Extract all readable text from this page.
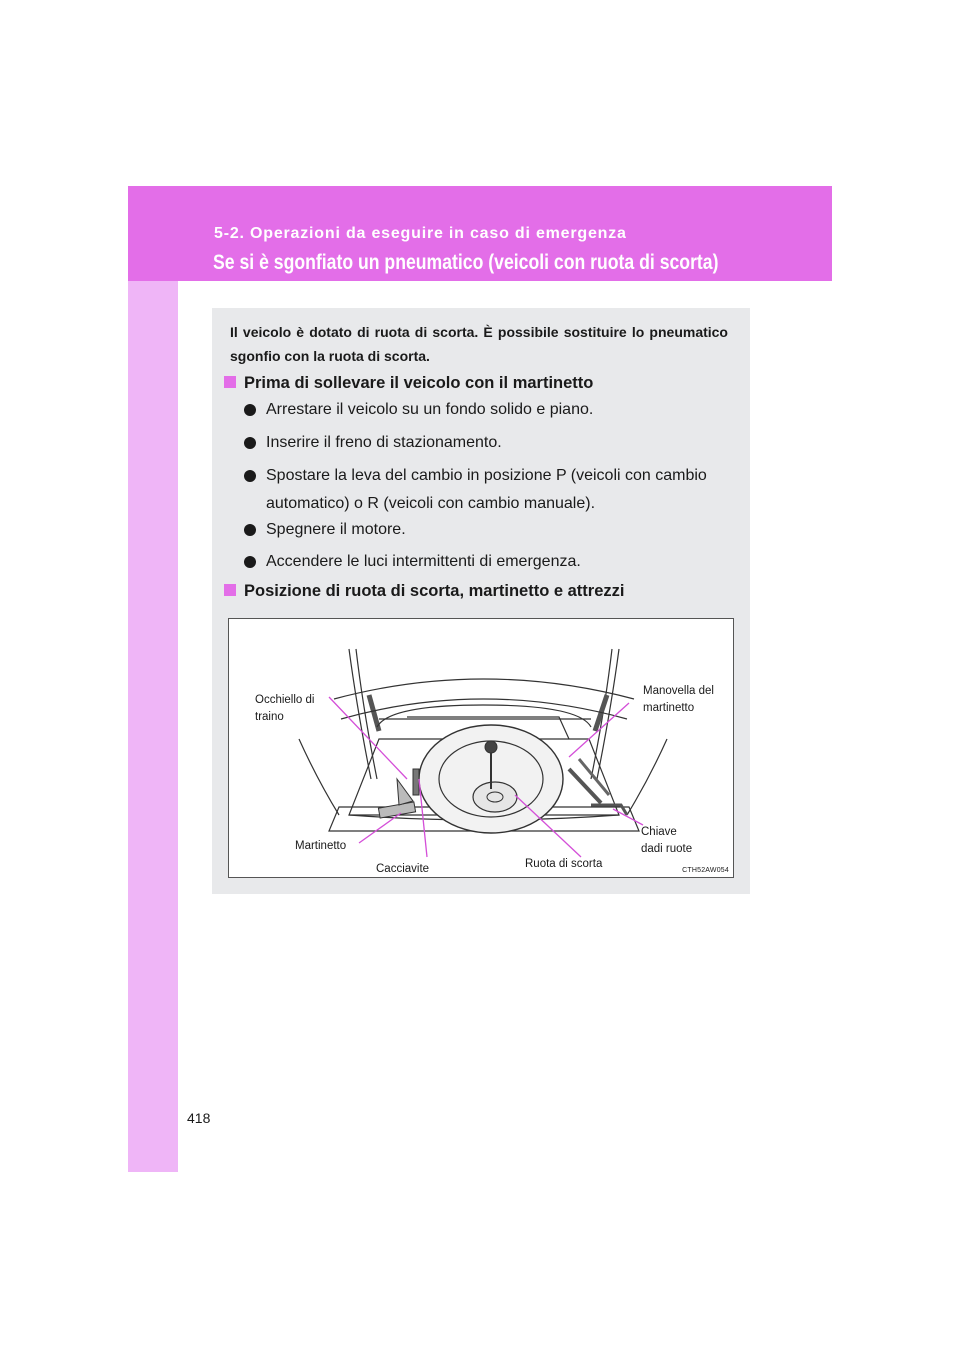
5-2. Operazioni da eseguire in caso di emergenza
Se si è sgonfiato un pneumatico (veicoli con ruota di scorta)
Il veicolo è dotato di ruota di scorta. È possibile sostituire lo pneumatico sgonfio con la ruota di scorta.
Prima di sollevare il veicolo con il martinetto
Arrestare il veicolo su un fondo solido e piano.
Inserire il freno di stazionamento.
Spostare la leva del cambio in posizione P (veicoli con cambio automatico) o R (veicoli con cambio manuale).
Spegnere il motore.
Accendere le luci intermittenti di emergenza.
Posizione di ruota di scorta, martinetto e attrezzi
Occhiello di
traino
Manovella del
martinetto
Martinetto
Cacciavite	Ruota di scorta
Chiave
dadi ruote
CTH52AW054
418
